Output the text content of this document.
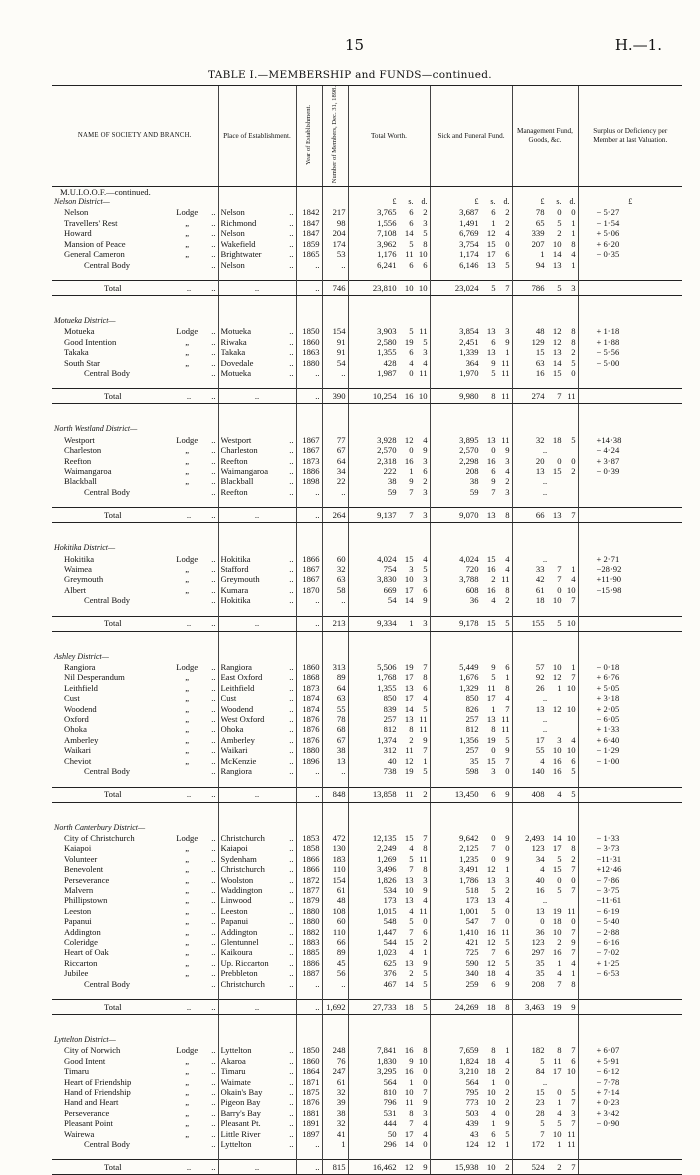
15	H.—1.
TABLE I.—MEMBERSHIP and FUNDS—continued.
NAME OF SOCIETY AND BRANCH.	Place of Establishment.	Year of Establishment.	Number of Members, Dec. 31, 1898.	Total Worth.	Sick and Funeral Fund.	Management Fund, Goods, &c.	Surplus or Deficiency per Member at last Valuation.
M.U.I.O.O.F.—continued.							
Nelson District—				£ s. d.	£ s. d.	£ s. d.	£

Nelson Lodge ..	Nelson ..	1842	217	3,765 6 2	3,687 6 2	78 0 0	− 5·27

Travellers' Rest „ ..	Richmond ..	1847	98	1,556 6 3	1,491 1 2	65 5 1	− 1·54

Howard „ ..	Nelson ..	1847	204	7,108 14 5	6,769 12 4	339 2 1	+ 5·06

Mansion of Peace „ ..	Wakefield ..	1859	174	3,962 5 8	3,754 15 0	207 10 8	+ 6·20

General Cameron „ ..	Brightwater ..	1865	53	1,176 11 10	1,174 17 6	1 14 4	− 0·35

Central Body ..	Nelson ..	..	..	6,241 6 6	6,146 13 5	94 13 1	

Total .. ..	..	..	746	23,810 10 10	23,024 5 7	786 5 3	

Motueka District—							

Motueka Lodge ..	Motueka ..	1850	154	3,903 5 11	3,854 13 3	48 12 8	+ 1·18

Good Intention „ ..	Riwaka ..	1860	91	2,580 19 5	2,451 6 9	129 12 8	+ 1·88

Takaka „ ..	Takaka ..	1863	91	1,355 6 3	1,339 13 1	15 13 2	− 5·56

South Star „ ..	Dovedale ..	1880	54	428 4 4	364 9 11	63 14 5	− 5·00

Central Body ..	Motueka ..	..	..	1,987 0 11	1,970 5 11	16 15 0	

Total .. ..	..	..	390	10,254 16 10	9,980 8 11	274 7 11	

North Westland District—							

Westport Lodge ..	Westport ..	1867	77	3,928 12 4	3,895 13 11	32 18 5	+14·38

Charleston „ ..	Charleston ..	1867	67	2,570 0 9	2,570 0 9	..	− 4·24

Reefton „ ..	Reefton ..	1873	64	2,318 16 3	2,298 16 3	20 0 0	+ 3·87

Waimangaroa „ ..	Waimangaroa ..	1886	34	222 1 6	208 6 4	13 15 2	− 0·39

Blackball „ ..	Blackball ..	1898	22	38 9 2	38 9 2	..	

Central Body ..	Reefton ..	..	..	59 7 3	59 7 3	..	

Total .. ..	..	..	264	9,137 7 3	9,070 13 8	66 13 7	

Hokitika District—							

Hokitika Lodge ..	Hokitika ..	1866	60	4,024 15 4	4,024 15 4	..	+ 2·71

Waimea „ ..	Stafford ..	1867	32	754 3 5	720 16 4	33 7 1	−28·92

Greymouth „ ..	Greymouth ..	1867	63	3,830 10 3	3,788 2 11	42 7 4	+11·90

Albert „ ..	Kumara ..	1870	58	669 17 6	608 16 8	61 0 10	−15·98

Central Body ..	Hokitika ..	..	..	54 14 9	36 4 2	18 10 7	

Total .. ..	..	..	213	9,334 1 3	9,178 15 5	155 5 10	

Ashley District—							

Rangiora Lodge ..	Rangiora ..	1860	313	5,506 19 7	5,449 9 6	57 10 1	− 0·18

Nil Desperandum „ ..	East Oxford ..	1868	89	1,768 17 8	1,676 5 1	92 12 7	+ 6·76

Leithfield „ ..	Leithfield ..	1873	64	1,355 13 6	1,329 11 8	26 1 10	+ 5·05

Cust „ ..	Cust ..	1874	63	850 17 4	850 17 4	..	+ 3·18

Woodend „ ..	Woodend ..	1874	55	839 14 5	826 1 7	13 12 10	+ 2·05

Oxford „ ..	West Oxford ..	1876	78	257 13 11	257 13 11	..	− 6·05

Ohoka „ ..	Ohoka ..	1876	68	812 8 11	812 8 11	..	+ 1·33

Amberley „ ..	Amberley ..	1876	67	1,374 2 9	1,356 19 5	17 3 4	+ 6·40

Waikari „ ..	Waikari ..	1880	38	312 11 7	257 0 9	55 10 10	− 1·29

Cheviot „ ..	McKenzie ..	1896	13	40 12 1	35 15 7	4 16 6	− 1·00

Central Body ..	Rangiora ..	..	..	738 19 5	598 3 0	140 16 5	

Total .. ..	..	..	848	13,858 11 2	13,450 6 9	408 4 5	

North Canterbury District—							

City of Christchurch Lodge ..	Christchurch ..	1853	472	12,135 15 7	9,642 0 9	2,493 14 10	− 1·33

Kaiapoi „ ..	Kaiapoi ..	1858	130	2,249 4 8	2,125 7 0	123 17 8	− 3·73

Volunteer „ ..	Sydenham ..	1866	183	1,269 5 11	1,235 0 9	34 5 2	−11·31

Benevolent „ ..	Christchurch ..	1866	110	3,496 7 8	3,491 12 1	4 15 7	+12·46

Perseverance „ ..	Woolston ..	1872	154	1,826 13 3	1,786 13 3	40 0 0	− 7·86

Malvern „ ..	Waddington ..	1877	61	534 10 9	518 5 2	16 5 7	− 3·75

Phillipstown „ ..	Linwood ..	1879	48	173 13 4	173 13 4	..	−11·61

Leeston „ ..	Leeston ..	1880	108	1,015 4 11	1,001 5 0	13 19 11	− 6·19

Papanui „ ..	Papanui ..	1880	60	548 5 0	547 7 0	0 18 0	− 5·40

Addington „ ..	Addington ..	1882	110	1,447 7 6	1,410 16 11	36 10 7	− 2·88

Coleridge „ ..	Glentunnel ..	1883	66	544 15 2	421 12 5	123 2 9	− 6·16

Heart of Oak „ ..	Kaikoura ..	1885	89	1,023 4 1	725 7 6	297 16 7	− 7·02

Riccarton „ ..	Up. Riccarton ..	1886	45	625 13 9	590 12 5	35 1 4	+ 1·25

Jubilee „ ..	Prebbleton ..	1887	56	376 2 5	340 18 4	35 4 1	− 6·53

Central Body ..	Christchurch ..	..	..	467 14 5	259 6 9	208 7 8	

Total .. ..	..	..	1,692	27,733 18 5	24,269 18 8	3,463 19 9	

Lyttelton District—							

City of Norwich Lodge ..	Lyttelton ..	1850	248	7,841 16 8	7,659 8 1	182 8 7	+ 6·07

Good Intent „ ..	Akaroa ..	1860	76	1,830 9 10	1,824 18 4	5 11 6	+ 5·91

Timaru „ ..	Timaru ..	1864	247	3,295 16 0	3,210 18 2	84 17 10	− 6·12

Heart of Friendship „ ..	Waimate ..	1871	61	564 1 0	564 1 0	..	− 7·78

Hand of Friendship „ ..	Okain's Bay ..	1875	32	810 10 7	795 10 2	15 0 5	+ 7·14

Hand and Heart „ ..	Pigeon Bay ..	1876	39	796 11 9	773 10 2	23 1 7	+ 0·23

Perseverance „ ..	Barry's Bay ..	1881	38	531 8 3	503 4 0	28 4 3	+ 3·42

Pleasant Point „ ..	Pleasant Pt. ..	1891	32	444 7 4	439 1 9	5 5 7	− 0·90

Wairewa „ ..	Little River ..	1897	41	50 17 4	43 6 5	7 10 11	

Central Body ..	Lyttelton ..	..	1	296 14 0	124 12 1	172 1 11	

Total .. ..	..	..	815	16,462 12 9	15,938 10 2	524 2 7	
